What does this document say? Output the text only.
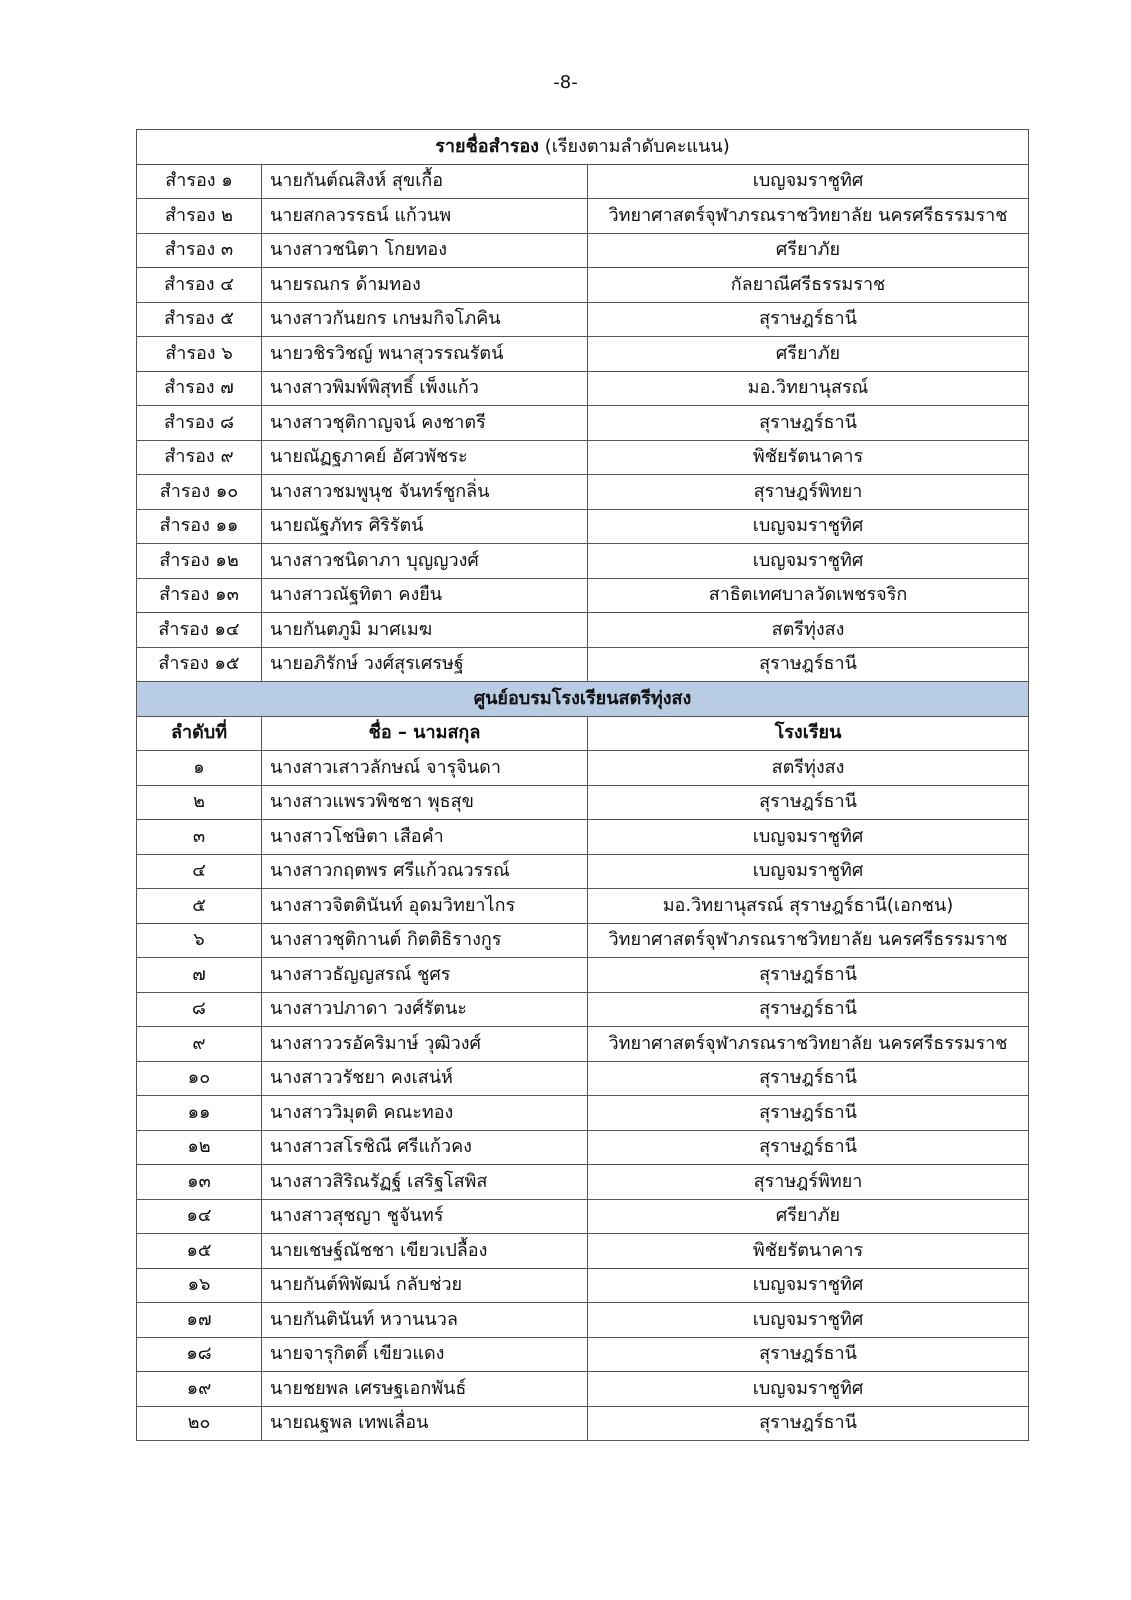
-8-
รายชื่อสำรอง (เรียงตามลำดับคะแนน)		
สำรอง ๑	นายกันต์ณสิงห์ สุขเกื้อ	เบญจมราชูทิศ
สำรอง ๒	นายสกลวรรธน์ แก้วนพ	วิทยาศาสตร์จุฬาภรณราชวิทยาลัย นครศรีธรรมราช
สำรอง ๓	นางสาวชนิตา โกยทอง	ศรียาภัย
สำรอง ๔	นายรณกร ด้ามทอง	กัลยาณีศรีธรรมราช
สำรอง ๕	นางสาวกันยกร เกษมกิจโภคิน	สุราษฎร์ธานี
สำรอง ๖	นายวชิรวิชญ์ พนาสุวรรณรัตน์	ศรียาภัย
สำรอง ๗	นางสาวพิมพ์พิสุทธิ์ เพ็งแก้ว	มอ.วิทยานุสรณ์
สำรอง ๘	นางสาวชุติกาญจน์ คงชาตรี	สุราษฎร์ธานี
สำรอง ๙	นายณัฏฐภาคย์ อัศวพัชระ	พิชัยรัตนาคาร
สำรอง ๑๐	นางสาวชมพูนุช จันทร์ชูกลิ่น	สุราษฎร์พิทยา
สำรอง ๑๑	นายณัฐภัทร ศิริรัตน์	เบญจมราชูทิศ
สำรอง ๑๒	นางสาวชนิดาภา บุญญวงศ์	เบญจมราชูทิศ
สำรอง ๑๓	นางสาวณัฐทิตา คงยืน	สาธิตเทศบาลวัดเพชรจริก
สำรอง ๑๔	นายกันตภูมิ มาศเมฆ	สตรีทุ่งสง
สำรอง ๑๕	นายอภิรักษ์ วงศ์สุรเศรษฐ์	สุราษฎร์ธานี
ศูนย์อบรมโรงเรียนสตรีทุ่งสง		
ลำดับที่	ชื่อ – นามสกุล	โรงเรียน
๑	นางสาวเสาวลักษณ์ จารุจินดา	สตรีทุ่งสง
๒	นางสาวแพรวพิชชา พุธสุข	สุราษฎร์ธานี
๓	นางสาวโชษิตา เสือคำ	เบญจมราชูทิศ
๔	นางสาวกฤตพร ศรีแก้วณวรรณ์	เบญจมราชูทิศ
๕	นางสาวจิตตินันท์ อุดมวิทยาไกร	มอ.วิทยานุสรณ์ สุราษฎร์ธานี(เอกชน)
๖	นางสาวชุติกานต์ กิตติธิรางกูร	วิทยาศาสตร์จุฬาภรณราชวิทยาลัย นครศรีธรรมราช
๗	นางสาวธัญญสรณ์ ชูศร	สุราษฎร์ธานี
๘	นางสาวปภาดา วงศ์รัตนะ	สุราษฎร์ธานี
๙	นางสาววรอัคริมาษ์ วุฒิวงศ์	วิทยาศาสตร์จุฬาภรณราชวิทยาลัย นครศรีธรรมราช
๑๐	นางสาววรัชยา คงเสน่ห์	สุราษฎร์ธานี
๑๑	นางสาววิมุตติ คณะทอง	สุราษฎร์ธานี
๑๒	นางสาวสโรชิณี ศรีแก้วคง	สุราษฎร์ธานี
๑๓	นางสาวสิริณรัฏฐ์ เสริฐโสพิส	สุราษฎร์พิทยา
๑๔	นางสาวสุชญา ชูจันทร์	ศรียาภัย
๑๕	นายเชษฐ์ณัชชา เขียวเปลื้อง	พิชัยรัตนาคาร
๑๖	นายกันต์พิพัฒน์ กลับช่วย	เบญจมราชูทิศ
๑๗	นายกันตินันท์ หวานนวล	เบญจมราชูทิศ
๑๘	นายจารุกิตติ์ เขียวแดง	สุราษฎร์ธานี
๑๙	นายชยพล เศรษฐเอกพันธ์	เบญจมราชูทิศ
๒๐	นายณฐพล เทพเลื่อน	สุราษฎร์ธานี
